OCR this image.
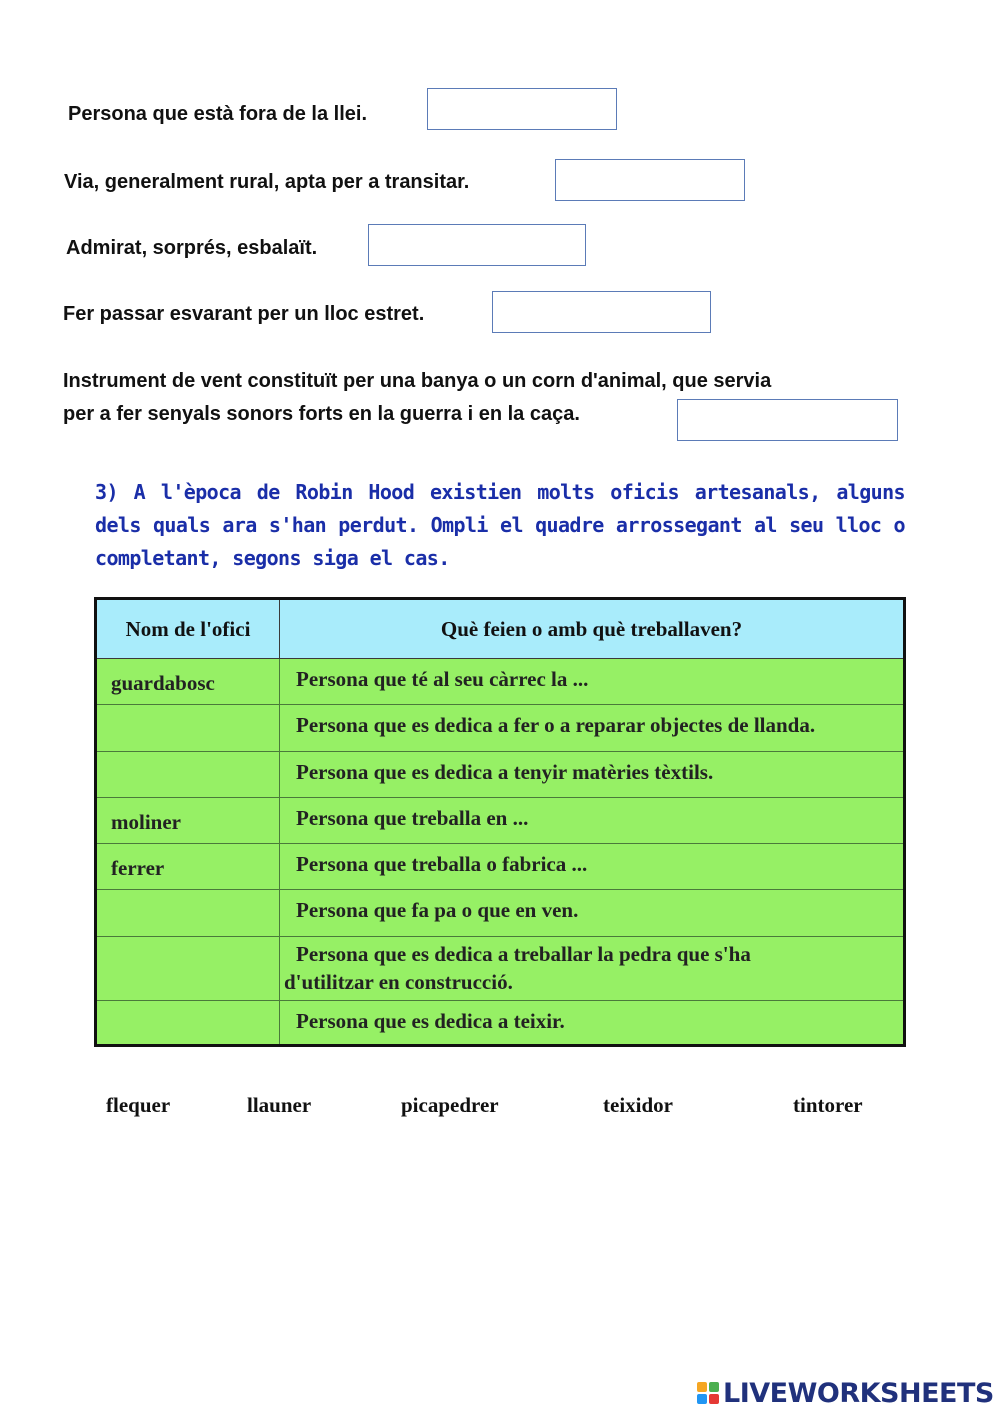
Persona que està fora de la llei.
Via, generalment rural, apta per a transitar.
Admirat, sorprés, esbalaït.
Fer passar esvarant per un lloc estret.
Instrument de vent constituït per una banya o un corn d'animal, que servia
per a fer senyals sonors forts en la guerra i en la caça.
3) A l'època de Robin Hood existien molts oficis artesanals, alguns dels quals ara s'han perdut. Ompli el quadre arrossegant al seu lloc o completant, segons siga el cas.
Nom de l'ofici	Què feien o amb què treballaven?
guardabosc	Persona que té al seu càrrec la ...
	Persona que es dedica a fer o a reparar objectes de llanda.
	Persona que es dedica a tenyir matèries tèxtils.
moliner	Persona que treballa en ...
ferrer	Persona que treballa o fabrica ...
	Persona que fa pa o que en ven.

	Persona que es dedica a treballar la pedra que s'ha
d'utilitzar en construcció.

	Persona que es dedica a teixir.
flequer	llauner	picapedrer	teixidor	tintorer
LIVEWORKSHEETS
